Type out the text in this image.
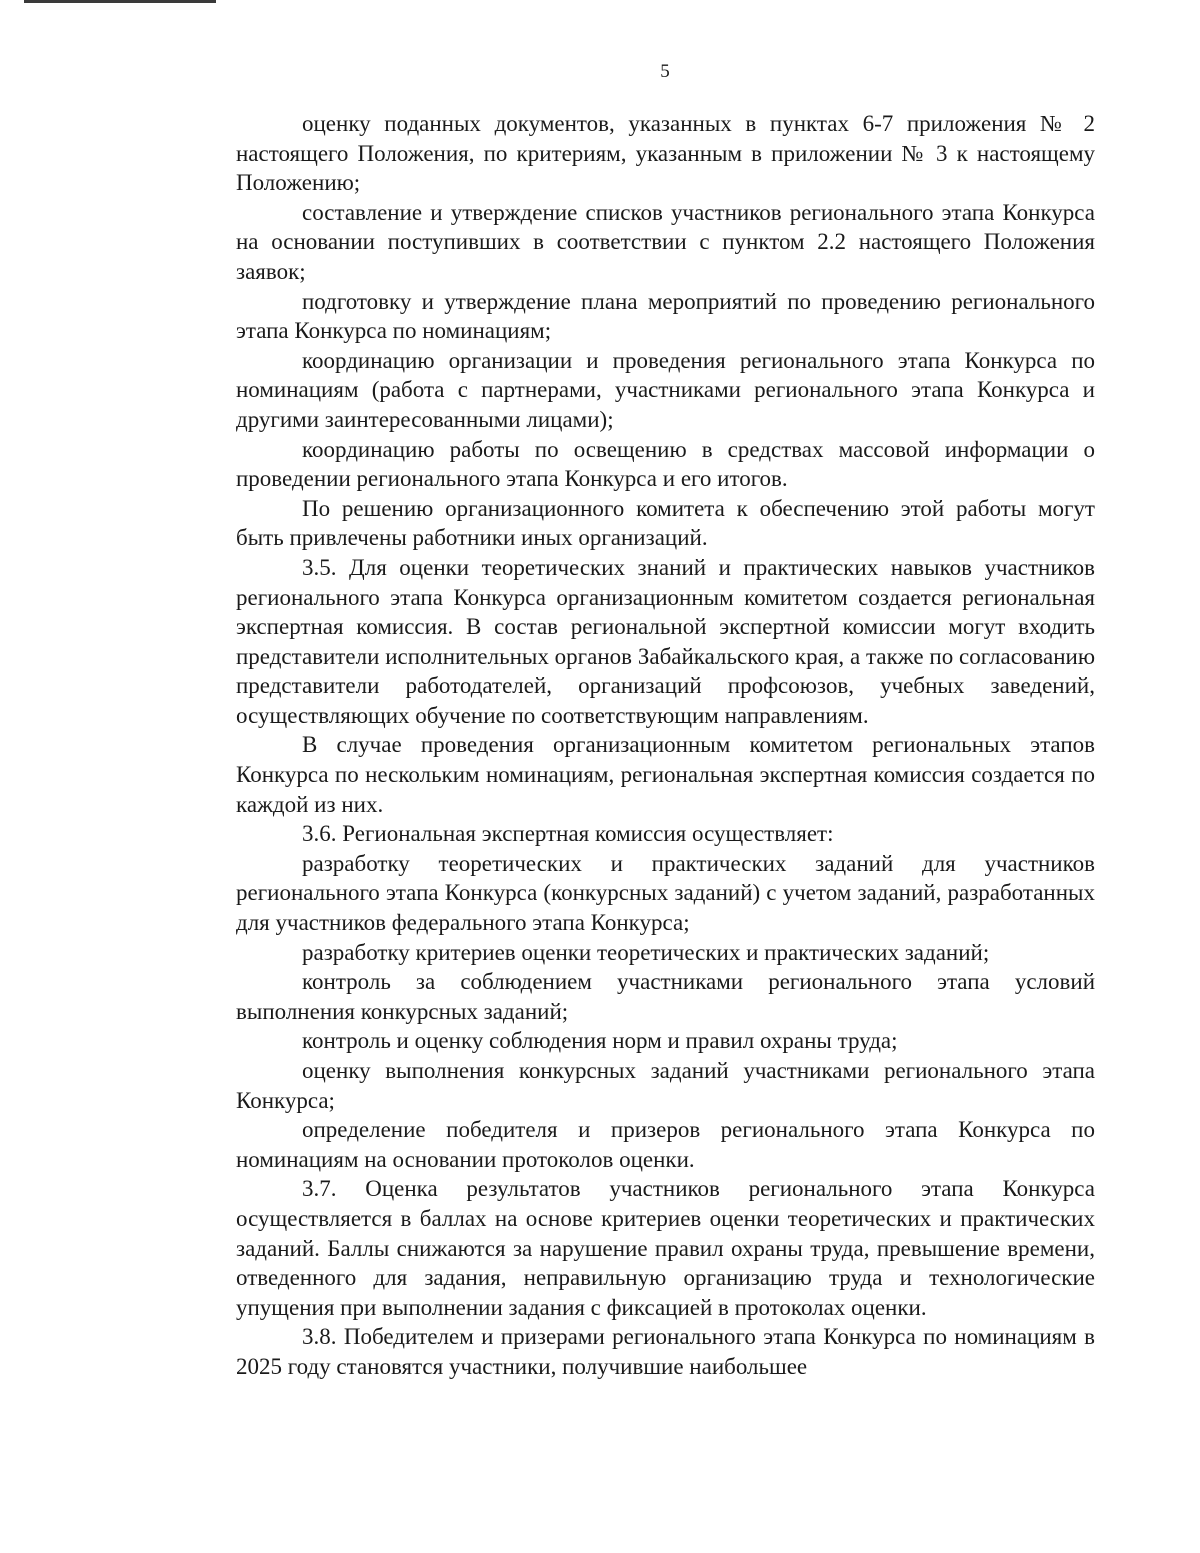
5

оценку поданных документов, указанных в пунктах 6-7 приложения № 2 настоящего Положения, по критериям, указанным в приложении № 3 к настоящему Положению;

составление и утверждение списков участников регионального этапа Конкурса на основании поступивших в соответствии с пунктом 2.2 настоящего Положения заявок;

подготовку и утверждение плана мероприятий по проведению регионального этапа Конкурса по номинациям;

координацию организации и проведения регионального этапа Конкурса по номинациям (работа с партнерами, участниками регионального этапа Конкурса и другими заинтересованными лицами);

координацию работы по освещению в средствах массовой информации о проведении регионального этапа Конкурса и его итогов.

По решению организационного комитета к обеспечению этой работы могут быть привлечены работники иных организаций.

3.5. Для оценки теоретических знаний и практических навыков участников регионального этапа Конкурса организационным комитетом создается региональная экспертная комиссия. В состав региональной экспертной комиссии могут входить представители исполнительных органов Забайкальского края, а также по согласованию представители работодателей, организаций профсоюзов, учебных заведений, осуществляющих обучение по соответствующим направлениям.

В случае проведения организационным комитетом региональных этапов Конкурса по нескольким номинациям, региональная экспертная комиссия создается по каждой из них.

3.6. Региональная экспертная комиссия осуществляет:

разработку теоретических и практических заданий для участников регионального этапа Конкурса (конкурсных заданий) с учетом заданий, разработанных для участников федерального этапа Конкурса;

разработку критериев оценки теоретических и практических заданий;

контроль за соблюдением участниками регионального этапа условий выполнения конкурсных заданий;

контроль и оценку соблюдения норм и правил охраны труда;

оценку выполнения конкурсных заданий участниками регионального этапа Конкурса;

определение победителя и призеров регионального этапа Конкурса по номинациям на основании протоколов оценки.

3.7. Оценка результатов участников регионального этапа Конкурса осуществляется в баллах на основе критериев оценки теоретических и практических заданий. Баллы снижаются за нарушение правил охраны труда, превышение времени, отведенного для задания, неправильную организацию труда и технологические упущения при выполнении задания с фиксацией в протоколах оценки.

3.8. Победителем и призерами регионального этапа Конкурса по номинациям в 2025 году становятся участники, получившие наибольшее
